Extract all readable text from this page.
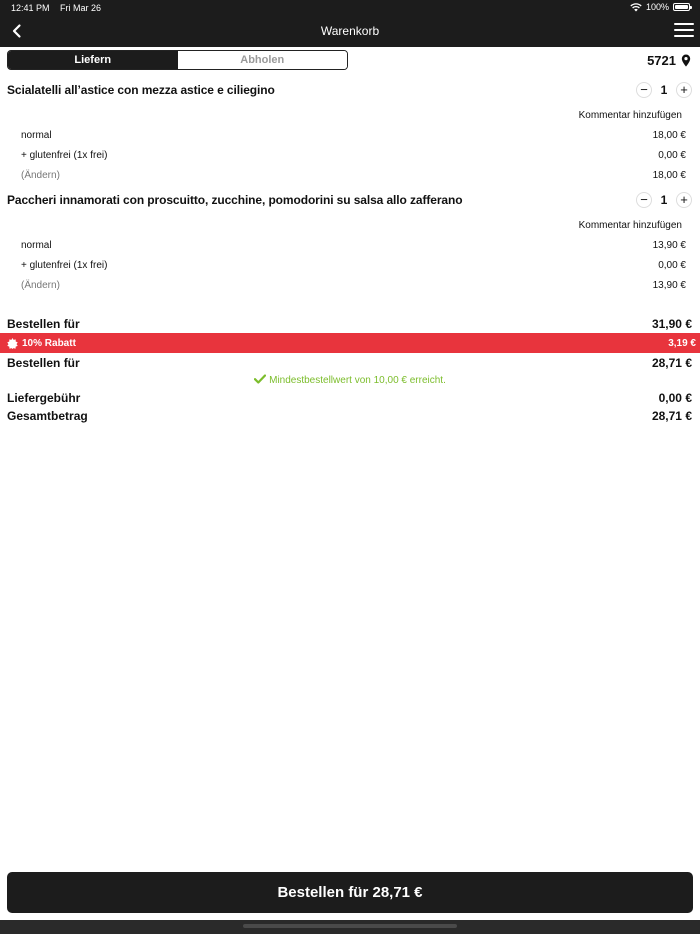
12:41 PM Fri Mar 26	100%
Warenkorb
Liefern	Abholen	5721
Scialatelli all’astice con mezza astice e ciliegino	−	1 +
Kommentar hinzufügen
normal	18,00 €
+ glutenfrei (1x frei)	0,00 €
(Ändern)	18,00 €
Paccheri innamorati con proscuitto, zucchine, pomodorini su salsa allo zafferano	−	1 +
Kommentar hinzufügen
normal	13,90 €
+ glutenfrei (1x frei)	0,00 €
(Ändern)	13,90 €
Bestellen für	31,90 €
10% Rabatt	3,19 €
Bestellen für	28,71 €
Mindestbestellwert von 10,00 € erreicht.
Liefergebühr	0,00 €
Gesamtbetrag	28,71 €
Bestellen für 28,71 €
